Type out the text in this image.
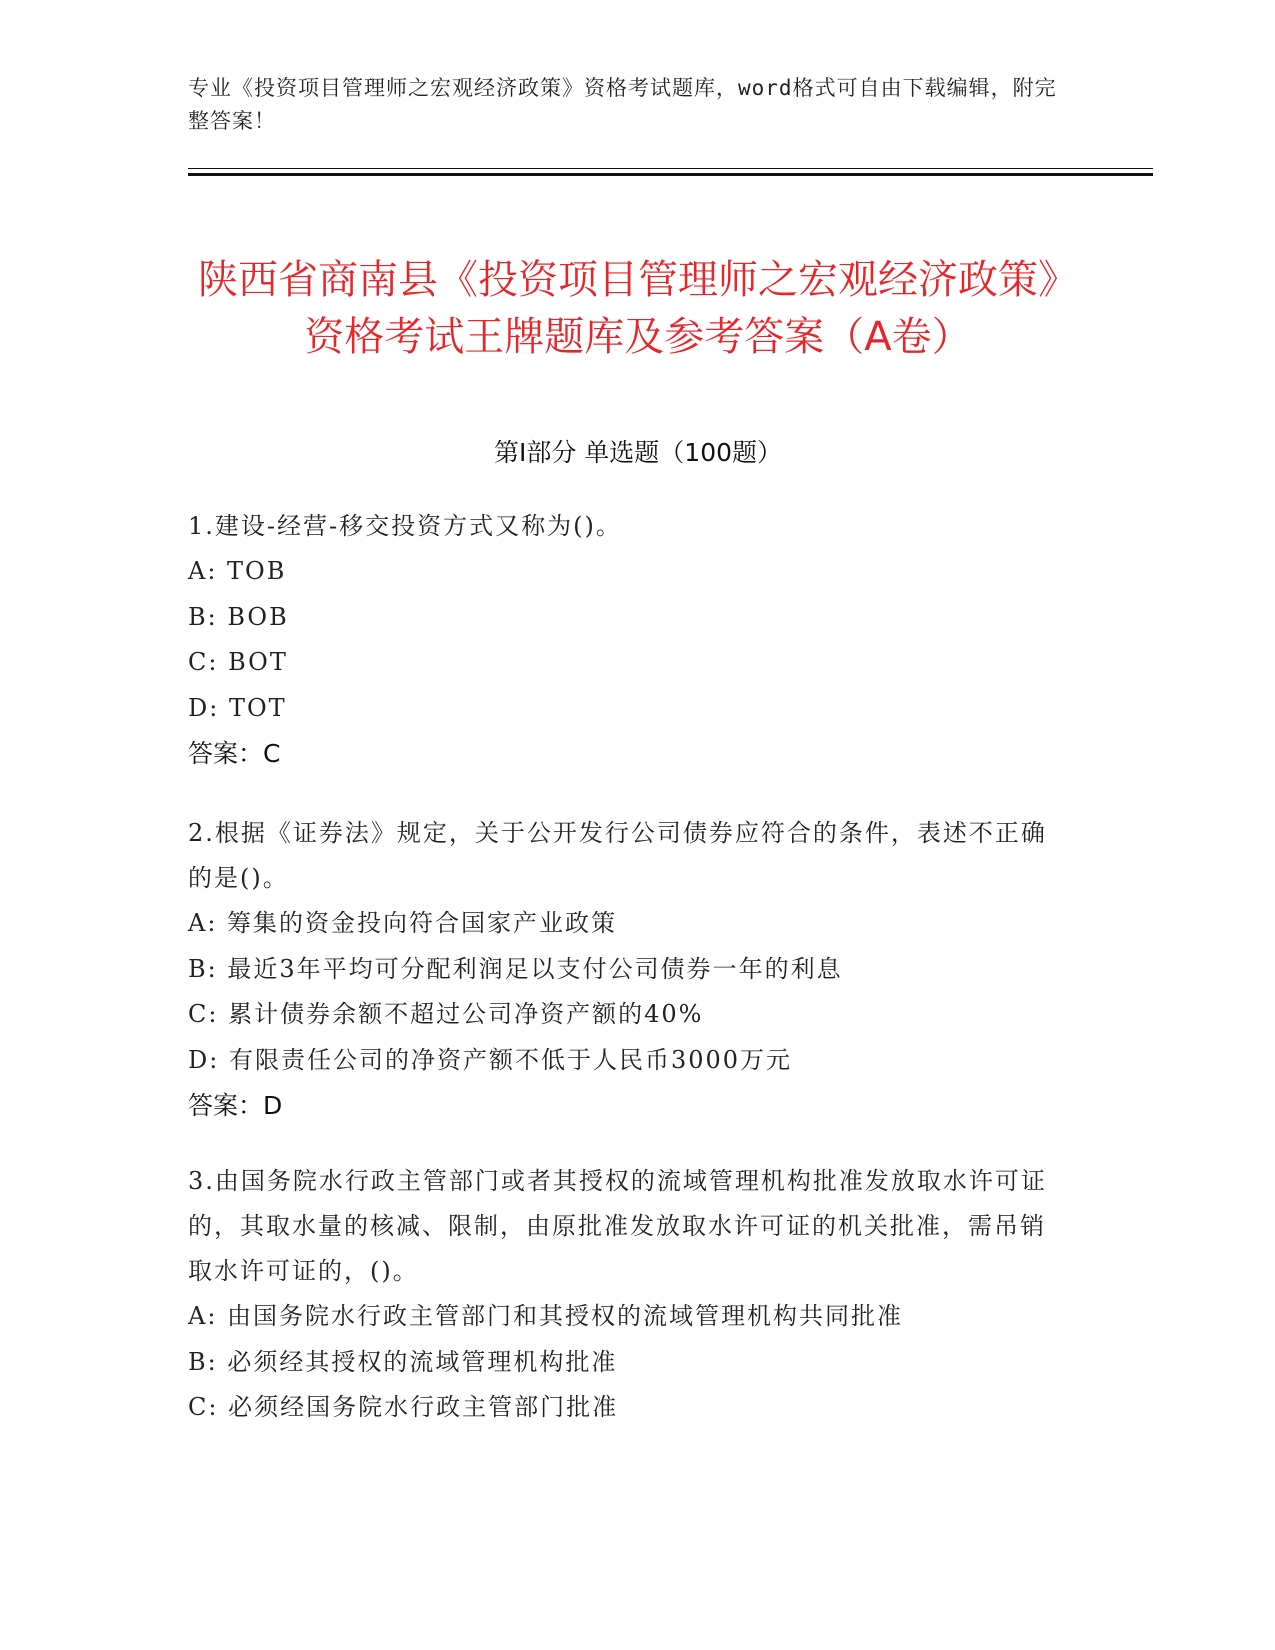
专业《投资项目管理师之宏观经济政策》资格考试题库，word格式可自由下载编辑，附完整答案！
陕西省商南县《投资项目管理师之宏观经济政策》资格考试王牌题库及参考答案（A卷）
第Ⅰ部分 单选题（100题）

1.建设-经营-移交投资方式又称为()。

A: TOB

B: BOB

C: BOT

D: TOT

答案：C

2.根据《证券法》规定，关于公开发行公司债券应符合的条件，表述不正确的是()。

A: 筹集的资金投向符合国家产业政策

B: 最近3年平均可分配利润足以支付公司债券一年的利息

C: 累计债券余额不超过公司净资产额的40%

D: 有限责任公司的净资产额不低于人民币3000万元

答案：D

3.由国务院水行政主管部门或者其授权的流域管理机构批准发放取水许可证的，其取水量的核减、限制，由原批准发放取水许可证的机关批准，需吊销取水许可证的，()。

A: 由国务院水行政主管部门和其授权的流域管理机构共同批准

B: 必须经其授权的流域管理机构批准

C: 必须经国务院水行政主管部门批准
